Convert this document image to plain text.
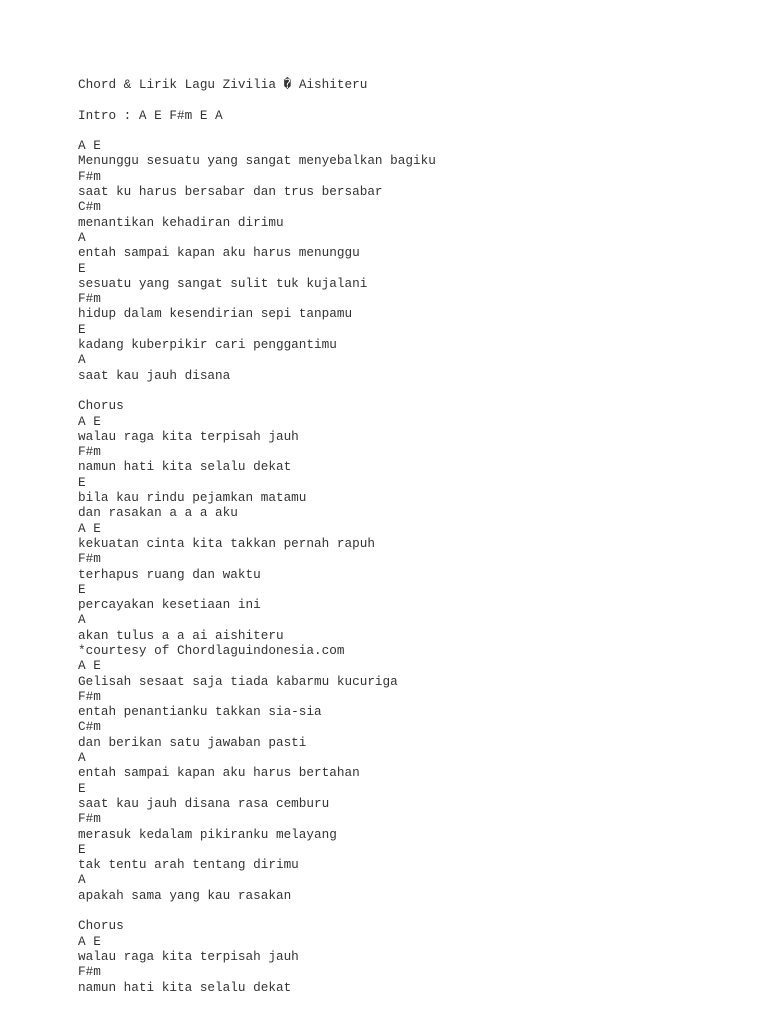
Chord & Lirik Lagu Zivilia � Aishiteru
Intro : A E F#m E A
A E
Menunggu sesuatu yang sangat menyebalkan bagiku
F#m
saat ku harus bersabar dan trus bersabar
C#m
menantikan kehadiran dirimu
A
entah sampai kapan aku harus menunggu
E
sesuatu yang sangat sulit tuk kujalani
F#m
hidup dalam kesendirian sepi tanpamu
E
kadang kuberpikir cari penggantimu
A
saat kau jauh disana
Chorus
A E
walau raga kita terpisah jauh
F#m
namun hati kita selalu dekat
E
bila kau rindu pejamkan matamu
dan rasakan a a a aku
A E
kekuatan cinta kita takkan pernah rapuh
F#m
terhapus ruang dan waktu
E
percayakan kesetiaan ini
A
akan tulus a a ai aishiteru
*courtesy of Chordlaguindonesia.com
A E
Gelisah sesaat saja tiada kabarmu kucuriga
F#m
entah penantianku takkan sia-sia
C#m
dan berikan satu jawaban pasti
A
entah sampai kapan aku harus bertahan
E
saat kau jauh disana rasa cemburu
F#m
merasuk kedalam pikiranku melayang
E
tak tentu arah tentang dirimu
A
apakah sama yang kau rasakan
Chorus
A E
walau raga kita terpisah jauh
F#m
namun hati kita selalu dekat
